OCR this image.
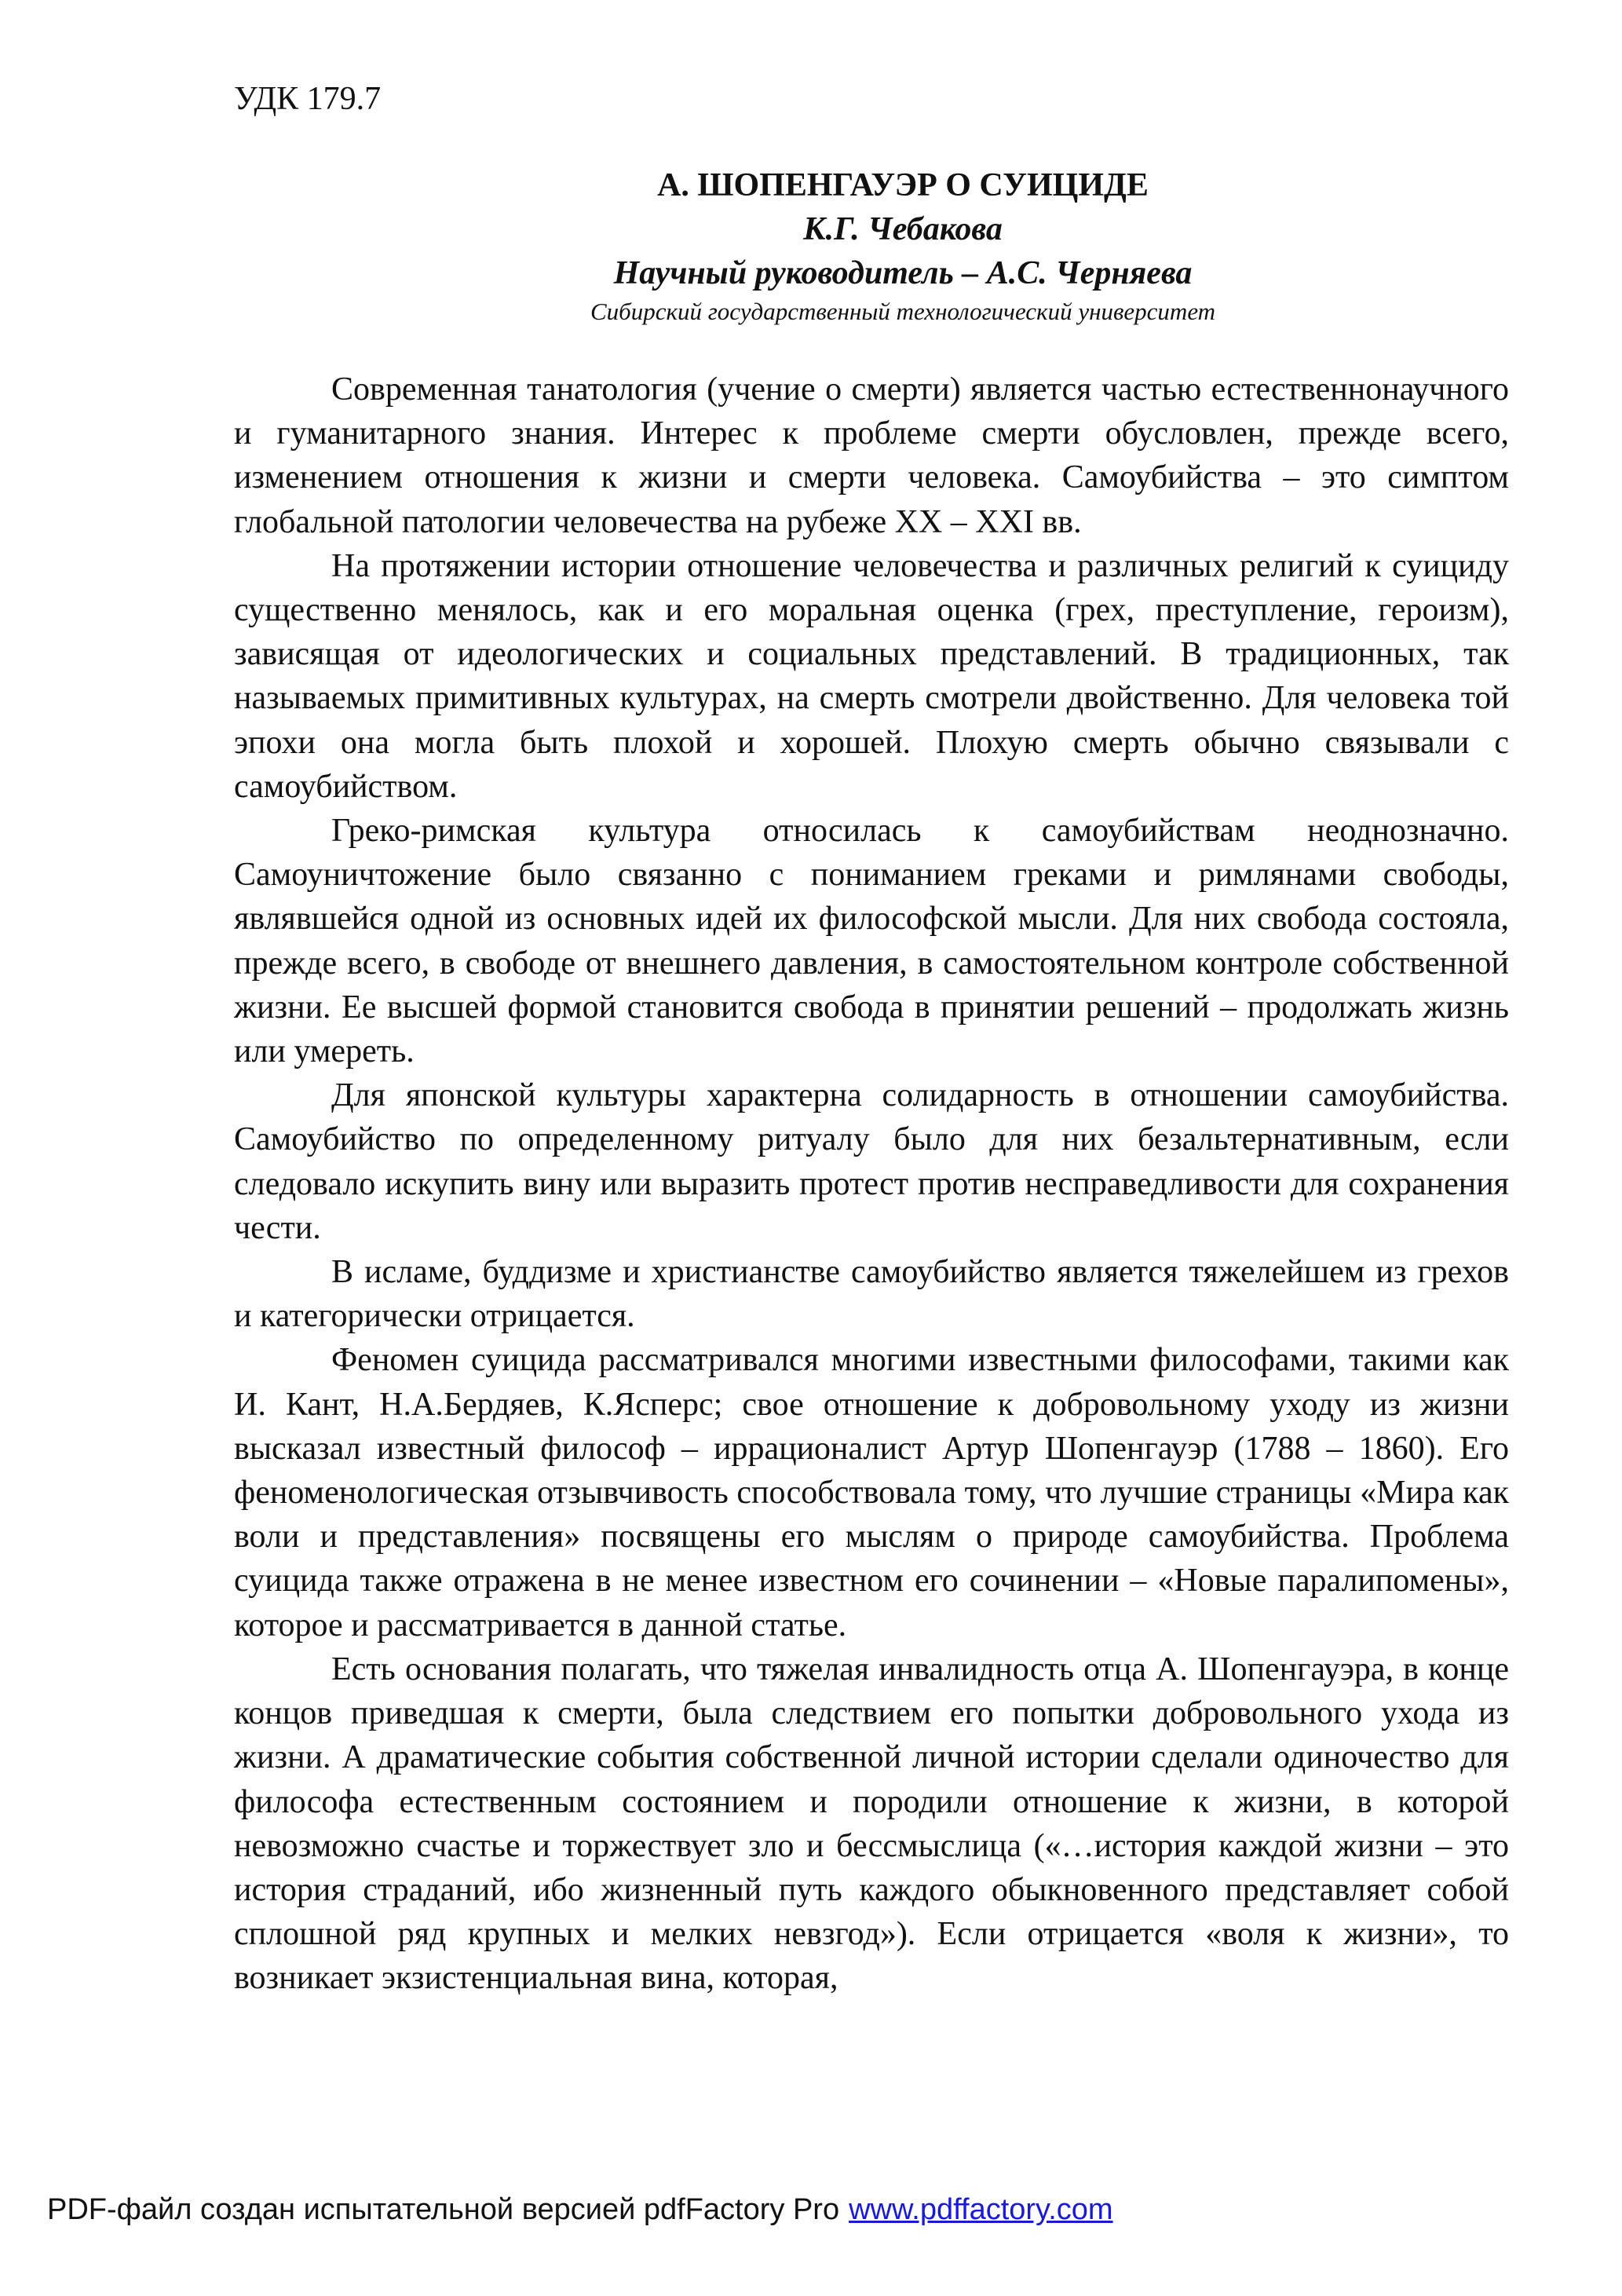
УДК 179.7
А. ШОПЕНГАУЭР О СУИЦИДЕ
К.Г. Чебакова
Научный руководитель – А.С. Черняева
Сибирский государственный технологический университет

Современная танатология (учение о смерти) является частью естественнонаучного и гуманитарного знания. Интерес к проблеме смерти обусловлен, прежде всего, изменением отношения к жизни и смерти человека. Самоубийства – это симптом глобальной патологии человечества на рубеже XX – XXI вв.

На протяжении истории отношение человечества и различных религий к суициду существенно менялось, как и его моральная оценка (грех, преступление, героизм), зависящая от идеологических и социальных представлений. В традиционных, так называемых примитивных культурах, на смерть смотрели двойственно. Для человека той эпохи она могла быть плохой и хорошей. Плохую смерть обычно связывали с самоубийством.

Греко-римская культура относилась к самоубийствам неоднозначно. Самоуничтожение было связанно с пониманием греками и римлянами свободы, являвшейся одной из основных идей их философской мысли. Для них свобода состояла, прежде всего, в свободе от внешнего давления, в самостоятельном контроле собственной жизни. Ее высшей формой становится свобода в принятии решений – продолжать жизнь или умереть.

Для японской культуры характерна солидарность в отношении самоубийства. Самоубийство по определенному ритуалу было для них безальтернативным, если следовало искупить вину или выразить протест против несправедливости для сохранения чести.

В исламе, буддизме и христианстве самоубийство является тяжелейшем из грехов и категорически отрицается.

Феномен суицида рассматривался многими известными философами, такими как И. Кант, Н.А.Бердяев, К.Ясперс; свое отношение к добровольному уходу из жизни высказал известный философ – иррационалист Артур Шопенгауэр (1788 – 1860). Его феноменологическая отзывчивость способствовала тому, что лучшие страницы «Мира как воли и представления» посвящены его мыслям о природе самоубийства. Проблема суицида также отражена в не менее известном его сочинении – «Новые паралипомены», которое и рассматривается в данной статье.

Есть основания полагать, что тяжелая инвалидность отца А. Шопенгауэра, в конце концов приведшая к смерти, была следствием его попытки добровольного ухода из жизни. А драматические события собственной личной истории сделали одиночество для философа естественным состоянием и породили отношение к жизни, в которой невозможно счастье и торжествует зло и бессмыслица («…история каждой жизни – это история страданий, ибо жизненный путь каждого обыкновенного представляет собой сплошной ряд крупных и мелких невзгод»). Если отрицается «воля к жизни», то возникает экзистенциальная вина, которая,

PDF-файл создан испытательной версией pdfFactory Pro www.pdffactory.com
